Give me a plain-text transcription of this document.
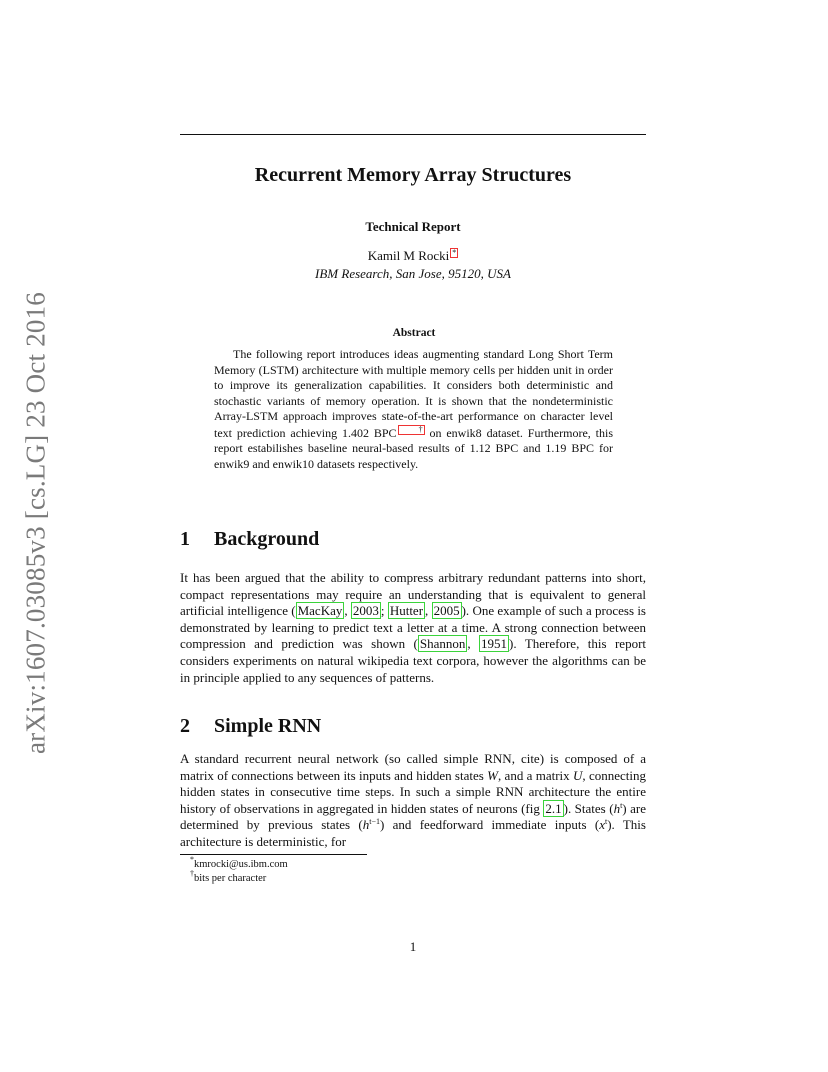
arXiv:1607.03085v3 [cs.LG] 23 Oct 2016
Recurrent Memory Array Structures
Technical Report
Kamil M Rocki *
IBM Research, San Jose, 95120, USA
Abstract
The following report introduces ideas augmenting standard Long Short Term Memory (LSTM) architecture with multiple memory cells per hidden unit in order to improve its generalization capabilities. It considers both deterministic and stochastic variants of memory operation. It is shown that the nondeterministic Array-LSTM approach improves state-of-the-art performance on character level text prediction achieving 1.402 BPC	† on enwik8 dataset. Furthermore, this report estabilishes baseline neural-based results of 1.12 BPC and 1.19 BPC for enwik9 and enwik10 datasets respectively.
1 Background
It has been argued that the ability to compress arbitrary redundant patterns into short, compact representations may require an understanding that is equivalent to general artificial intelligence ( MacKay , 2003 ; Hutter , 2005 ). One example of such a process is demonstrated by learning to predict text a letter at a time. A strong connection between compression and prediction was shown ( Shannon , 1951 ). Therefore, this report considers experiments on natural wikipedia text corpora, however the algorithms can be in principle applied to any sequences of patterns.
2 Simple RNN
A standard recurrent neural network (so called simple RNN, cite) is composed of a matrix of connections between its inputs and hidden states W, and a matrix U, connecting hidden states in consecutive time steps. In such a simple RNN architecture the entire history of observations in aggregated in hidden states of neurons (fig 2.1 ). States $(h^t)$ are determined by previous states $(h^{t-1})$ and feedforward immediate inputs $(x^t)$. This architecture is deterministic, for
*kmrocki@us.ibm.com
†bits per character
1
